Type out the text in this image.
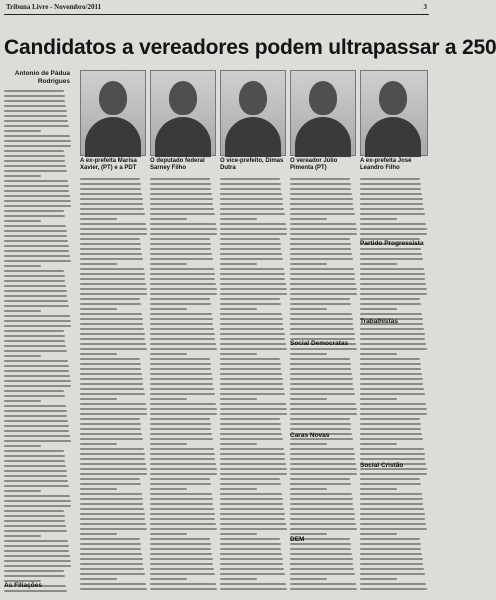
Tribuna Livre - Novembro/2011	3
Candidatos a vereadores podem ultrapassar a 250
Antonio de Pádua
Rodrigues
A ex-prefeita Marisa Xavier, (PT) e a PDT
O deputado federal Sarney Filho
O vice-prefeito, Dimas Dutra
O vereador Júlio Pimenta (PT)
A ex-prefeita José Leandro Filho
As Filiações
Social Democratas
Caras Novas
DEM
Partido Progressista
Trabalhistas
Social Cristão
